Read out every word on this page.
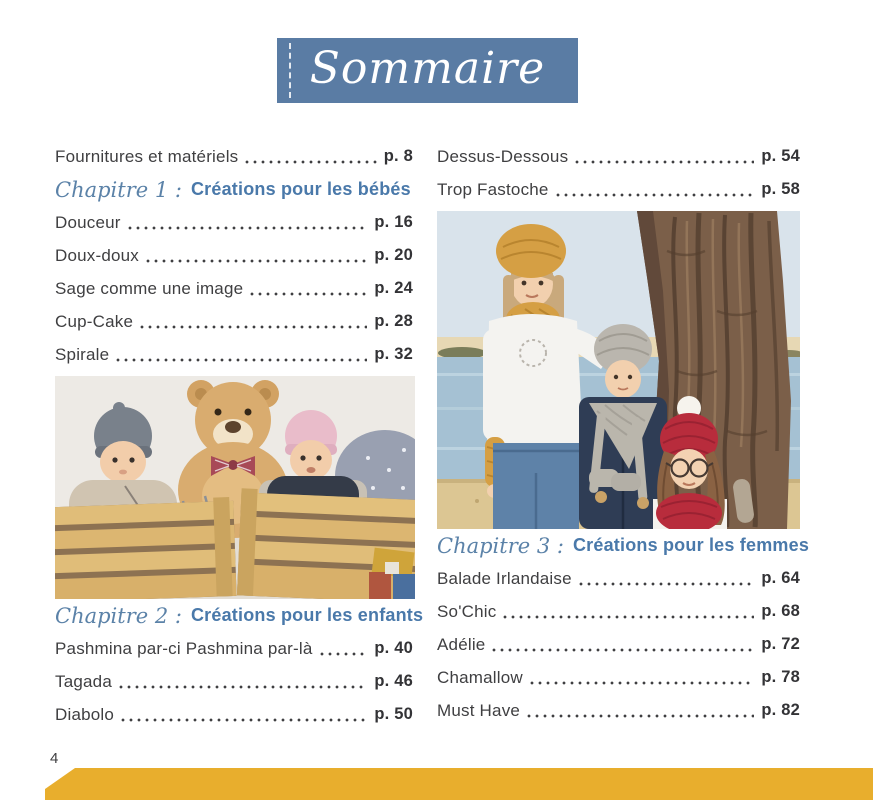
Sommaire
Fournitures et matériels	p. 8
Chapitre 1 : Créations pour les bébés
Douceur	p. 16
Doux-doux	p. 20
Sage comme une image	p. 24
Cup-Cake	p. 28
Spirale	p. 32
Chapitre 2 : Créations pour les enfants
Pashmina par-ci Pashmina par-là	p. 40
Tagada	p. 46
Diabolo	p. 50
Dessus-Dessous	p. 54
Trop Fastoche	p. 58
Chapitre 3 : Créations pour les femmes
Balade Irlandaise	p. 64
So'Chic	p. 68
Adélie	p. 72
Chamallow	p. 78
Must Have	p. 82
4
